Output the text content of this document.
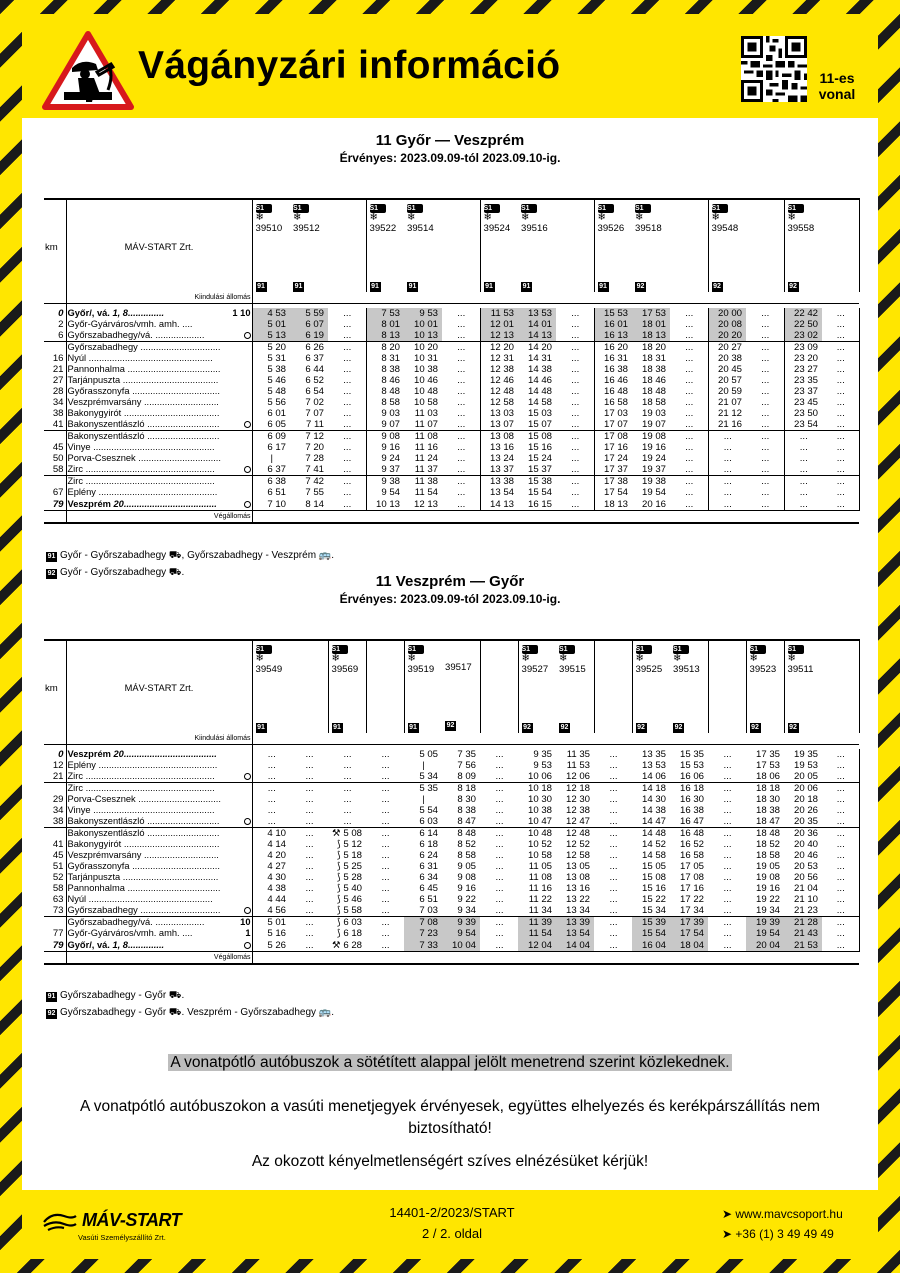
Vágányzári információ	11-es
vonal
11 Győr — Veszprém
Érvényes: 2023.09.09-tól 2023.09.10-ig.
km	MÁV-START Zrt.	S1
❄
39510
91	S1
❄
39512
91		S1
❄
39522
91	S1
❄
39514
91		S1
❄
39524
91	S1
❄
39516
91		S1
❄
39526
91	S1
❄
39518
92		S1
❄
39548
92		S1
❄
39558
92	

	Kiindulási állomás																

0	Győr/, vá. 1, 8.............. 1 10	4 53	5 59	...	7 53	9 53	...	11 53	13 53	...	15 53	17 53	...	20 00	...	22 42	...
2	Győr-Gyárváros/vmh. amh. ....	5 01	6 07	...	8 01	10 01	...	12 01	14 01	...	16 01	18 01	...	20 08	...	22 50	...
6	Győrszabadhegy/vá. ...................	5 13	6 19	...	8 13	10 13	...	12 13	14 13	...	16 13	18 13	...	20 20	...	23 02	...

	Győrszabadhegy ...............................	5 20	6 26	...	8 20	10 20	...	12 20	14 20	...	16 20	18 20	...	20 27	...	23 09	...
16	Nyúl ................................................	5 31	6 37	...	8 31	10 31	...	12 31	14 31	...	16 31	18 31	...	20 38	...	23 20	...
21	Pannonhalma ....................................	5 38	6 44	...	8 38	10 38	...	12 38	14 38	...	16 38	18 38	...	20 45	...	23 27	...
27	Tarjánpuszta .....................................	5 46	6 52	...	8 46	10 46	...	12 46	14 46	...	16 46	18 46	...	20 57	...	23 35	...
28	Győrasszonyfa ..................................	5 48	6 54	...	8 48	10 48	...	12 48	14 48	...	16 48	18 48	...	20 59	...	23 37	...
34	Veszprémvarsány .............................	5 56	7 02	...	8 58	10 58	...	12 58	14 58	...	16 58	18 58	...	21 07	...	23 45	...
38	Bakonygyirót .....................................	6 01	7 07	...	9 03	11 03	...	13 03	15 03	...	17 03	19 03	...	21 12	...	23 50	...
41	Bakonyszentlászló ............................	6 05	7 11	...	9 07	11 07	...	13 07	15 07	...	17 07	19 07	...	21 16	...	23 54	...

	Bakonyszentlászló ............................	6 09	7 12	...	9 08	11 08	...	13 08	15 08	...	17 08	19 08	...	...	...	...	...
45	Vinye ...............................................	6 17	7 20	...	9 16	11 16	...	13 16	15 16	...	17 16	19 16	...	...	...	...	...
50	Porva-Csesznek ................................	|	7 28	...	9 24	11 24	...	13 24	15 24	...	17 24	19 24	...	...	...	...	...
58	Zirc ..................................................	6 37	7 41	...	9 37	11 37	...	13 37	15 37	...	17 37	19 37	...	...	...	...	...

	Zirc ..................................................	6 38	7 42	...	9 38	11 38	...	13 38	15 38	...	17 38	19 38	...	...	...	...	...
67	Eplény ..............................................	6 51	7 55	...	9 54	11 54	...	13 54	15 54	...	17 54	19 54	...	...	...	...	...
79	Veszprém 20....................................	7 10	8 14	...	10 13	12 13	...	14 13	16 15	...	18 13	20 16	...	...	...	...	...
	Végállomás																
91 Győr - Győrszabadhegy ⛟, Győrszabadhegy - Veszprém 🚌.
92 Győr - Győrszabadhegy ⛟.
11 Veszprém — Győr
Érvényes: 2023.09.09-tól 2023.09.10-ig.
km	MÁV-START Zrt.	S1
❄
39549
91		S1
❄
39569
91		S1
❄
39519
91	39517
92		S1
❄
39527
92	S1
❄
39515
92		S1
❄
39525
92	S1
❄
39513
92		S1
❄
39523
92	S1
❄
39511
92	

	Kiindulási állomás																

0	Veszprém 20....................................	...	...	...	...	5 05	7 35	...	9 35	11 35	...	13 35	15 35	...	17 35	19 35	...
12	Eplény ..............................................	...	...	...	...	|	7 56	...	9 53	11 53	...	13 53	15 53	...	17 53	19 53	...
21	Zirc ..................................................	...	...	...	...	5 34	8 09	...	10 06	12 06	...	14 06	16 06	...	18 06	20 05	...

	Zirc ..................................................	...	...	...	...	5 35	8 18	...	10 18	12 18	...	14 18	16 18	...	18 18	20 06	...
29	Porva-Csesznek ................................	...	...	...	...	|	8 30	...	10 30	12 30	...	14 30	16 30	...	18 30	20 18	...
34	Vinye ...............................................	...	...	...	...	5 54	8 38	...	10 38	12 38	...	14 38	16 38	...	18 38	20 26	...
38	Bakonyszentlászló ............................	...	...	...	...	6 03	8 47	...	10 47	12 47	...	14 47	16 47	...	18 47	20 35	...

	Bakonyszentlászló ............................	4 10	...	⚒ 5 08	...	6 14	8 48	...	10 48	12 48	...	14 48	16 48	...	18 48	20 36	...
41	Bakonygyirót .....................................	4 14	...	⟆ 5 12	...	6 18	8 52	...	10 52	12 52	...	14 52	16 52	...	18 52	20 40	...
45	Veszprémvarsány .............................	4 20	...	⟆ 5 18	...	6 24	8 58	...	10 58	12 58	...	14 58	16 58	...	18 58	20 46	...
51	Győrasszonyfa ..................................	4 27	...	⟆ 5 25	...	6 31	9 05	...	11 05	13 05	...	15 05	17 05	...	19 05	20 53	...
52	Tarjánpuszta .....................................	4 30	...	⟆ 5 28	...	6 34	9 08	...	11 08	13 08	...	15 08	17 08	...	19 08	20 56	...
58	Pannonhalma ....................................	4 38	...	⟆ 5 40	...	6 45	9 16	...	11 16	13 16	...	15 16	17 16	...	19 16	21 04	...
63	Nyúl ................................................	4 44	...	⟆ 5 46	...	6 51	9 22	...	11 22	13 22	...	15 22	17 22	...	19 22	21 10	...
73	Győrszabadhegy ...............................	4 56	...	⟆ 5 58	...	7 03	9 34	...	11 34	13 34	...	15 34	17 34	...	19 34	21 23	...

	Győrszabadhegy/vá. ................... 10	5 01	...	⟆ 6 03	...	7 08	9 39	...	11 39	13 39	...	15 39	17 39	...	19 39	21 28	...
77	Győr-Gyárváros/vmh. amh. .... 1	5 16	...	⟆ 6 18	...	7 23	9 54	...	11 54	13 54	...	15 54	17 54	...	19 54	21 43	...
79	Győr/, vá. 1, 8..............	5 26	...	⚒ 6 28	...	7 33	10 04	...	12 04	14 04	...	16 04	18 04	...	20 04	21 53	...
	Végállomás																
91 Győrszabadhegy - Győr ⛟.
92 Győrszabadhegy - Győr ⛟. Veszprém - Győrszabadhegy 🚌.
A vonatpótló autóbuszok a sötétített alappal jelölt menetrend szerint közlekednek.
A vonatpótló autóbuszokon a vasúti menetjegyek érvényesek, együttes elhelyezés és kerékpárszállítás nem biztosítható!
Az okozott kényelmetlenségért szíves elnézésüket kérjük!
MÁV-START
Vasúti Személyszállító Zrt.
14401-2/2023/START
2 / 2. oldal
➤ www.mavcsoport.hu
➤ +36 (1) 3 49 49 49
